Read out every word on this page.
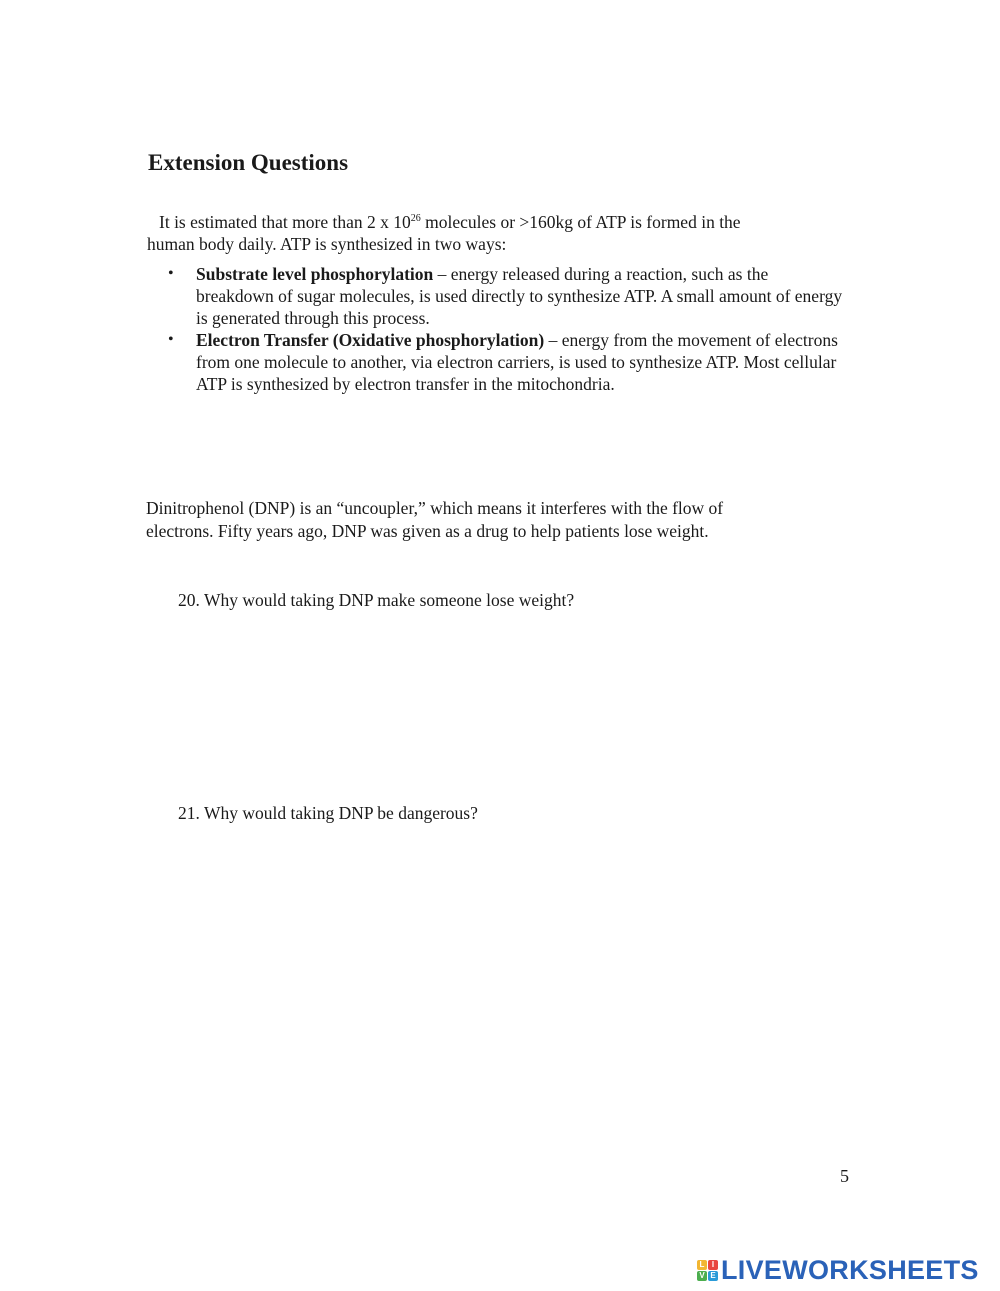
Extension Questions
It is estimated that more than 2 x $10^{26}$ molecules or >160kg of ATP is formed in the
human body daily. ATP is synthesized in two ways:
• Substrate level phosphorylation – energy released during a reaction, such as the breakdown of sugar molecules, is used directly to synthesize ATP. A small amount of energy is generated through this process.
• Electron Transfer (Oxidative phosphorylation) – energy from the movement of electrons from one molecule to another, via electron carriers, is used to synthesize ATP. Most cellular ATP is synthesized by electron transfer in the mitochondria.
Dinitrophenol (DNP) is an “uncoupler,” which means it interferes with the flow of
electrons. Fifty years ago, DNP was given as a drug to help patients lose weight.
20. Why would taking DNP make someone lose weight?
21. Why would taking DNP be dangerous?
5
L I
V E LIVEWORKSHEETS
